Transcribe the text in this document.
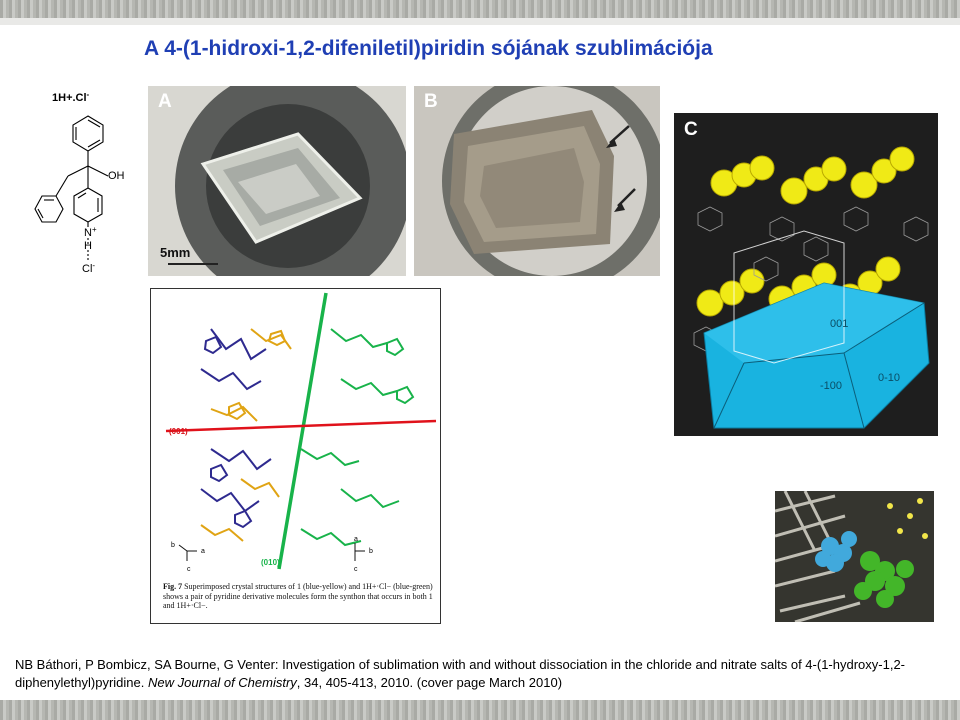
A 4-(1-hidroxi-1,2-difeniletil)piridin sójának szublimációja
1H+.Cl-
OH
N+
H
Cl-
A
5mm
B
001
0-10
-100
C
(001)
(010)
b
a
c
a
b
c
Fig. 7 Superimposed crystal structures of 1 (blue-yellow) and 1H+·Cl− (blue-green) shows a pair of pyridine derivative molecules form the synthon that occurs in both 1 and 1H+·Cl−.
NB Báthori, P Bombicz, SA Bourne, G Venter: Investigation of sublimation with and without dissociation in the chloride and nitrate salts of 4-(1-hydroxy-1,2-diphenylethyl)pyridine. New Journal of Chemistry, 34, 405-413, 2010. (cover page March 2010)
